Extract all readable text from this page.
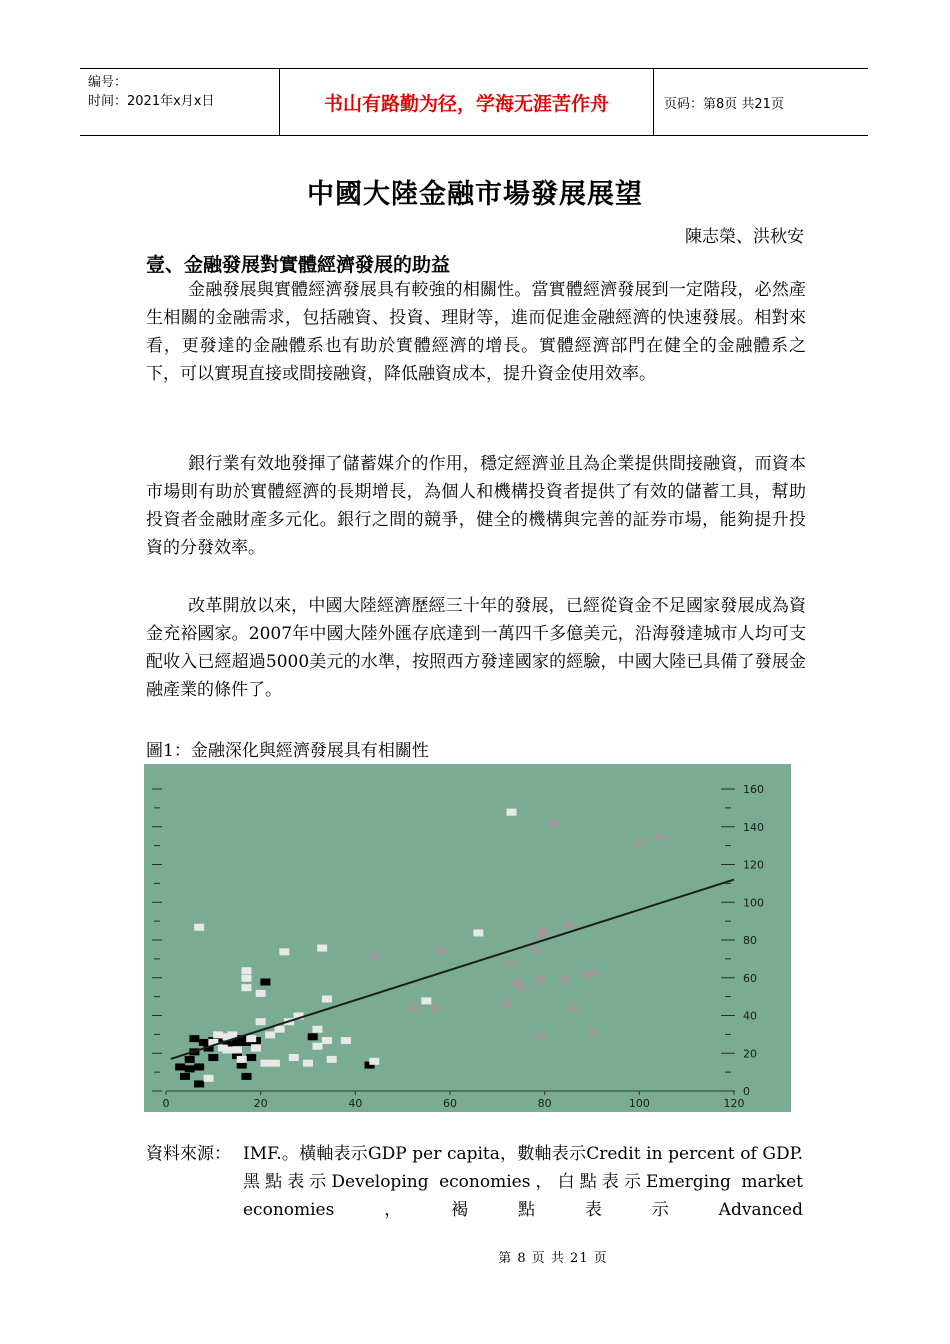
编号：
时间：2021年x月x日	书山有路勤为径，学海无涯苦作舟	页码：第8页 共21页
中國大陸金融市場發展展望
陳志榮、洪秋安
壹、金融發展對實體經濟發展的助益
金融發展與實體經濟發展具有較強的相關性。當實體經濟發展到一定階段，必然產生相關的金融需求，包括融資、投資、理財等，進而促進金融經濟的快速發展。相對來看，更發達的金融體系也有助於實體經濟的增長。實體經濟部門在健全的金融體系之下，可以實現直接或間接融資，降低融資成本，提升資金使用效率。
銀行業有效地發揮了儲蓄媒介的作用，穩定經濟並且為企業提供間接融資，而資本市場則有助於實體經濟的長期增長，為個人和機構投資者提供了有效的儲蓄工具，幫助投資者金融財產多元化。銀行之間的競爭，健全的機構與完善的証券市場，能夠提升投資的分發效率。
改革開放以來，中國大陸經濟歷經三十年的發展，已經從資金不足國家發展成為資金充裕國家。2007年中國大陸外匯存底達到一萬四千多億美元，沿海發達城市人均可支配收入已經超過5000美元的水準，按照西方發達國家的經驗，中國大陸已具備了發展金融產業的條件了。
圖1：金融深化與經濟發展具有相關性
0
20
40
60
80
100
120
140
160
0	20	40	60	80	100	120
資料來源： IMF.。橫軸表示GDP per capita，數軸表示Credit in percent of GDP.黑點表示Developing economies，白點表示Emerging market economies，褐點表示Advanced
第 8 页 共 21 页
